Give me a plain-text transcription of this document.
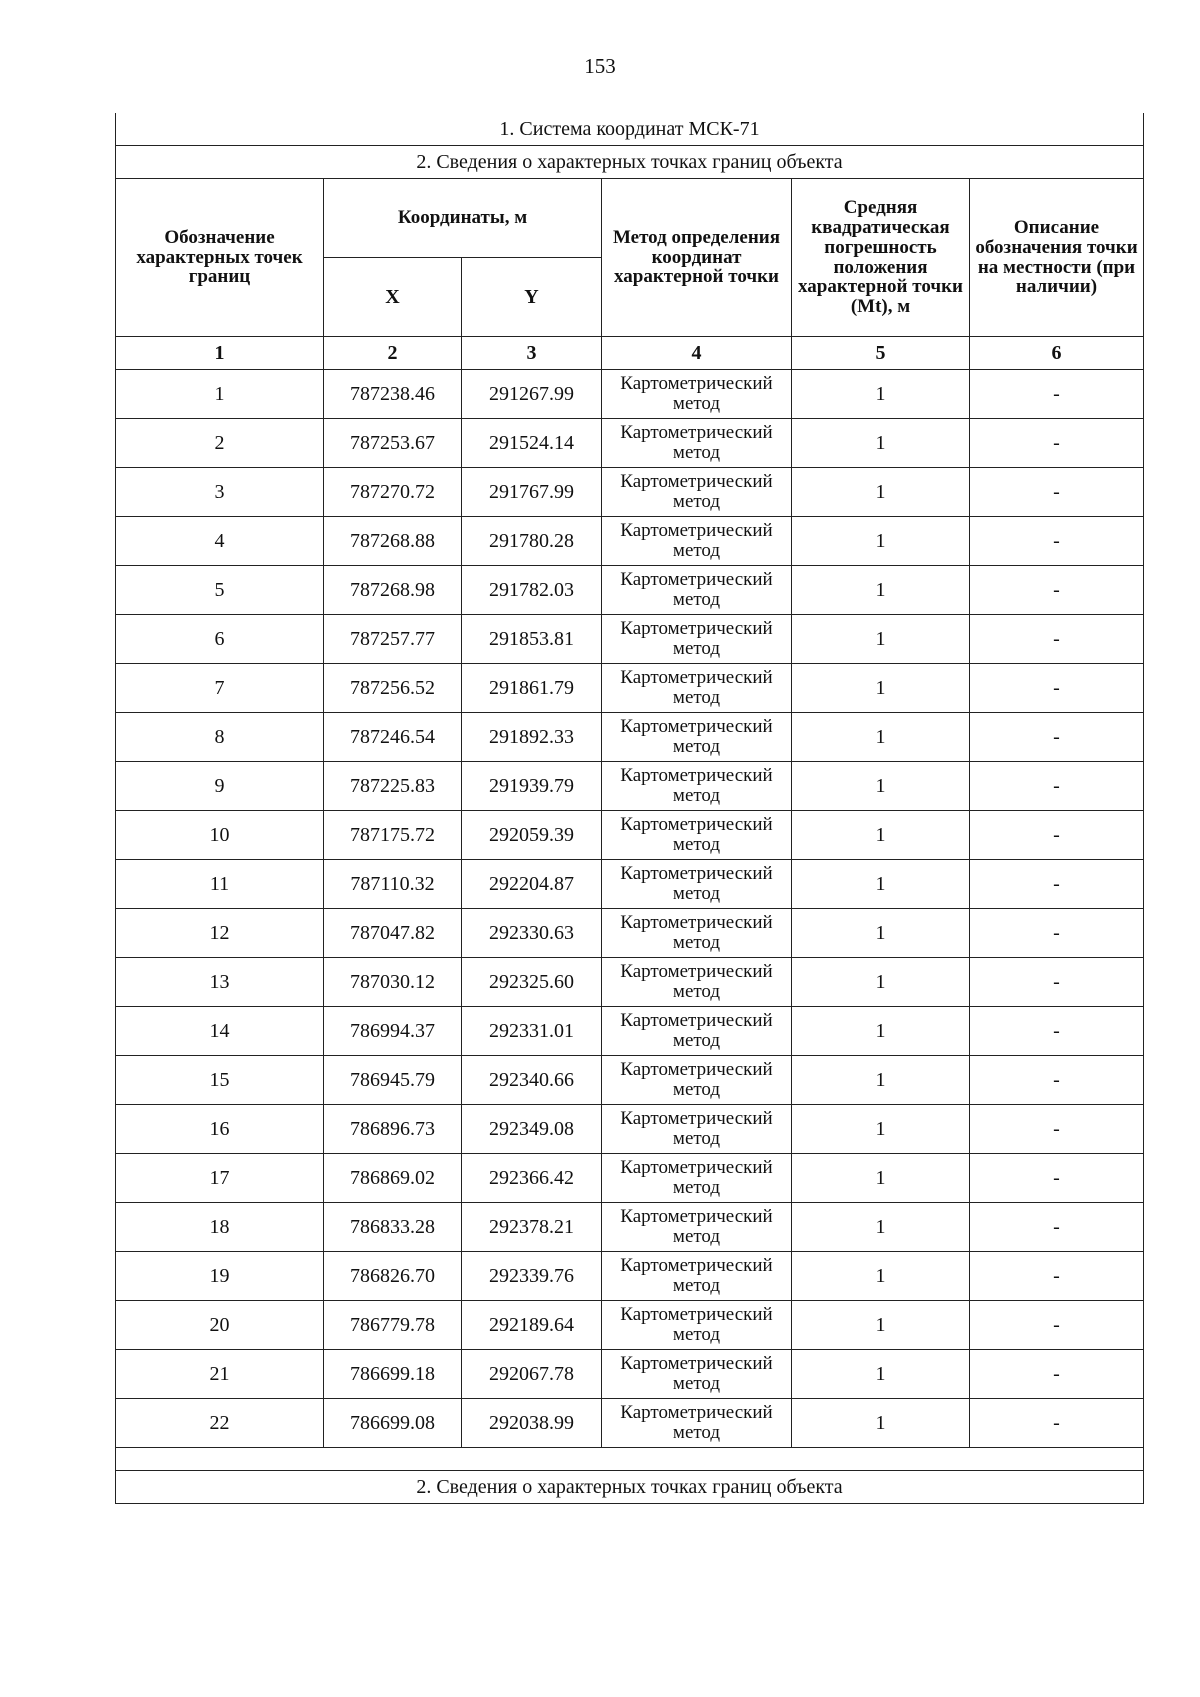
153
1. Система координат МСК-71					
2. Сведения о характерных точках границ объекта					
Обозначение характерных точек границ	Координаты, м		Метод определения координат характерной точки	Средняя квадратическая погрешность положения характерной точки (Mt), м	Описание обозначения точки на местности (при наличии)
	X	Y			
1	2	3	4	5	6
1	787238.46	291267.99	Картометрический метод	1	-
2	787253.67	291524.14	Картометрический метод	1	-
3	787270.72	291767.99	Картометрический метод	1	-
4	787268.88	291780.28	Картометрический метод	1	-
5	787268.98	291782.03	Картометрический метод	1	-
6	787257.77	291853.81	Картометрический метод	1	-
7	787256.52	291861.79	Картометрический метод	1	-
8	787246.54	291892.33	Картометрический метод	1	-
9	787225.83	291939.79	Картометрический метод	1	-
10	787175.72	292059.39	Картометрический метод	1	-
11	787110.32	292204.87	Картометрический метод	1	-
12	787047.82	292330.63	Картометрический метод	1	-
13	787030.12	292325.60	Картометрический метод	1	-
14	786994.37	292331.01	Картометрический метод	1	-
15	786945.79	292340.66	Картометрический метод	1	-
16	786896.73	292349.08	Картометрический метод	1	-
17	786869.02	292366.42	Картометрический метод	1	-
18	786833.28	292378.21	Картометрический метод	1	-
19	786826.70	292339.76	Картометрический метод	1	-
20	786779.78	292189.64	Картометрический метод	1	-
21	786699.18	292067.78	Картометрический метод	1	-
22	786699.08	292038.99	Картометрический метод	1	-

2. Сведения о характерных точках границ объекта					
